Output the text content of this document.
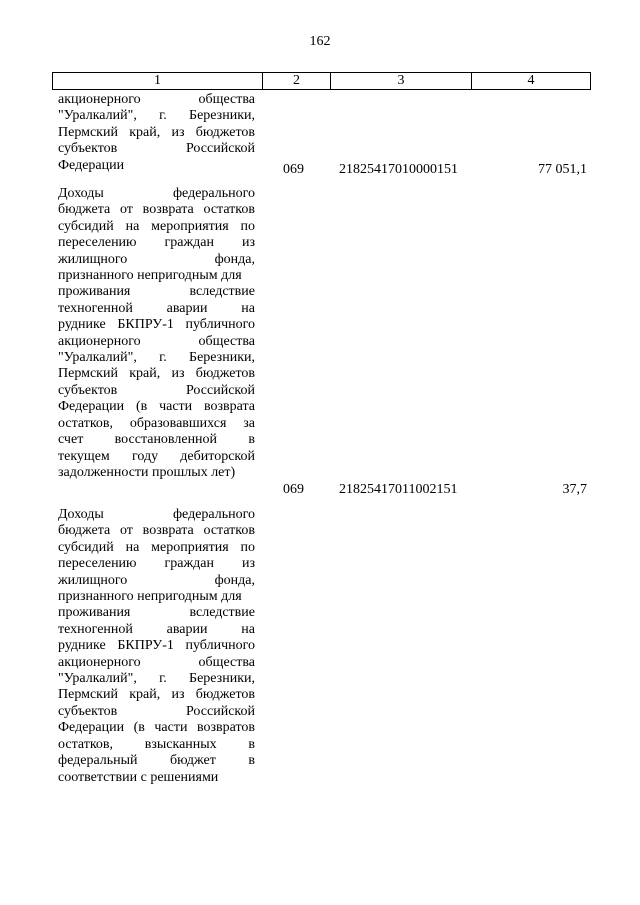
162
1	2	3	4
акционерного общества
"Уралкалий", г. Березники,
Пермский край, из бюджетов
субъектов Российской
Федерации	069	21825417010000151	77 051,1
Доходы федерального
бюджета от возврата остатков
субсидий на мероприятия по
переселению граждан из
жилищного фонда,
признанного непригодным для
проживания вследствие
техногенной аварии на
руднике БКПРУ-1 публичного
акционерного общества
"Уралкалий", г. Березники,
Пермский край, из бюджетов
субъектов Российской
Федерации (в части возврата
остатков, образовавшихся за
счет восстановленной в
текущем году дебиторской
задолженности прошлых лет)
069	21825417011002151	37,7
Доходы федерального
бюджета от возврата остатков
субсидий на мероприятия по
переселению граждан из
жилищного фонда,
признанного непригодным для
проживания вследствие
техногенной аварии на
руднике БКПРУ-1 публичного
акционерного общества
"Уралкалий", г. Березники,
Пермский край, из бюджетов
субъектов Российской
Федерации (в части возвратов
остатков, взысканных в
федеральный бюджет в
соответствии с решениями
